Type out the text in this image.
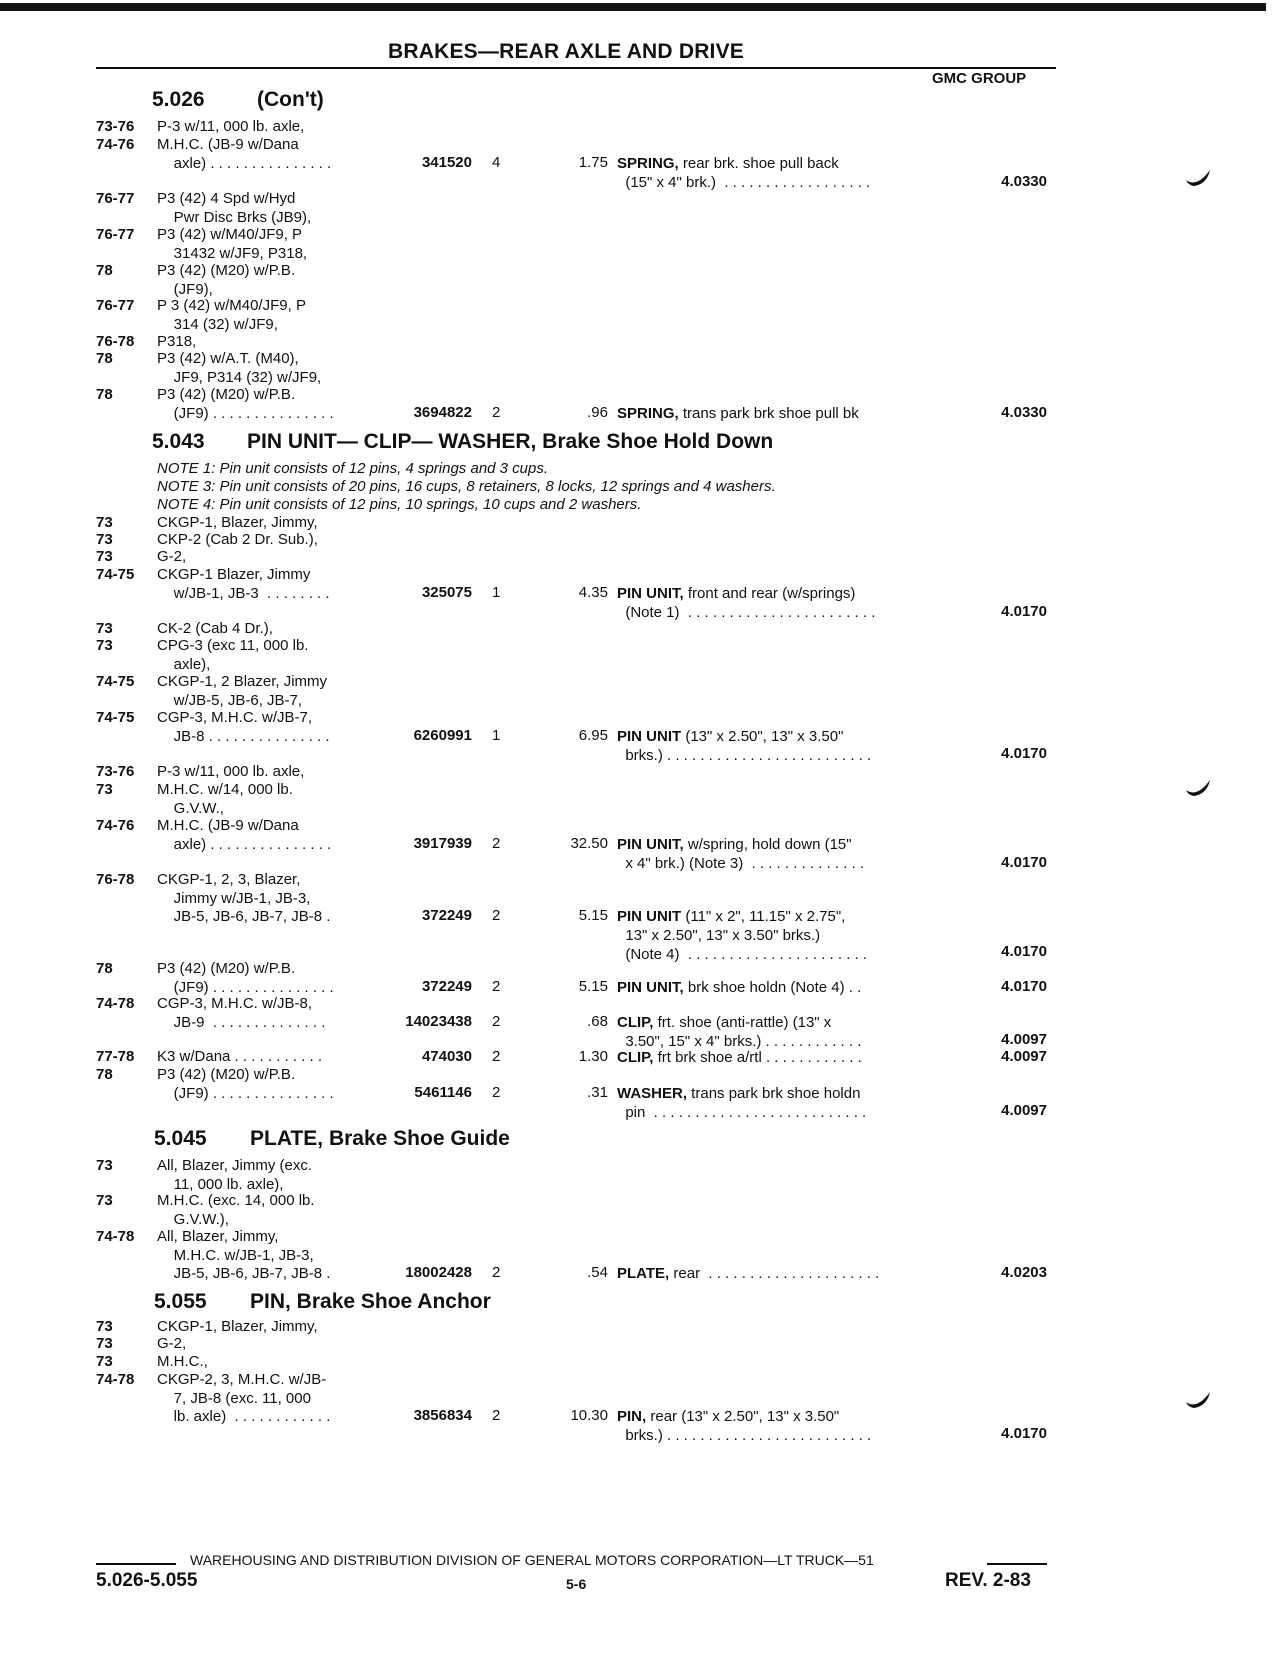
BRAKES—REAR AXLE AND DRIVE
GMC GROUP
5.026 (Con't)
5.043 PIN UNIT— CLIP— WASHER, Brake Shoe Hold Down
5.045 PLATE, Brake Shoe Guide
5.055 PIN, Brake Shoe Anchor
NOTE 1: Pin unit consists of 12 pins, 4 springs and 3 cups.
NOTE 3: Pin unit consists of 20 pins, 16 cups, 8 retainers, 8 locks, 12 springs and 4 washers.
NOTE 4: Pin unit consists of 12 pins, 10 springs, 10 cups and 2 washers.
73-76	P-3 w/11, 000 lb. axle,
74-76	M.H.C. (JB-9 w/Dana
axle) . . . . . . . . . . . . . . .	341520 4	1.75 SPRING, rear brk. shoe pull back
(15" x 4" brk.)  . . . . . . . . . . . . . . . . . .	4.0330
76-77	P3 (42) 4 Spd w/Hyd
Pwr Disc Brks (JB9),
76-77	P3 (42) w/M40/JF9, P
31432 w/JF9, P318,
78	P3 (42) (M20) w/P.B.
(JF9),
76-77	P 3 (42) w/M40/JF9, P
314 (32) w/JF9,
76-78	P318,
78	P3 (42) w/A.T. (M40),
JF9, P314 (32) w/JF9,
78	P3 (42) (M20) w/P.B.
(JF9) . . . . . . . . . . . . . . .	3694822 2	.96 SPRING, trans park brk shoe pull bk	4.0330
73	CKGP-1, Blazer, Jimmy,
73	CKP-2 (Cab 2 Dr. Sub.),
73	G-2,
74-75	CKGP-1 Blazer, Jimmy
w/JB-1, JB-3  . . . . . . . .	325075 1	4.35 PIN UNIT, front and rear (w/springs)
(Note 1)  . . . . . . . . . . . . . . . . . . . . . . .	4.0170
73	CK-2 (Cab 4 Dr.),
73	CPG-3 (exc 11, 000 lb.
axle),
74-75	CKGP-1, 2 Blazer, Jimmy
w/JB-5, JB-6, JB-7,
74-75	CGP-3, M.H.C. w/JB-7,
JB-8 . . . . . . . . . . . . . . .	6260991 1	6.95 PIN UNIT (13" x 2.50", 13" x 3.50"
brks.) . . . . . . . . . . . . . . . . . . . . . . . . .	4.0170
73-76	P-3 w/11, 000 lb. axle,
73	M.H.C. w/14, 000 lb.
G.V.W.,
74-76	M.H.C. (JB-9 w/Dana
axle) . . . . . . . . . . . . . . .	3917939 2	32.50 PIN UNIT, w/spring, hold down (15"
x 4" brk.) (Note 3)  . . . . . . . . . . . . . .	4.0170
76-78	CKGP-1, 2, 3, Blazer,
Jimmy w/JB-1, JB-3,
JB-5, JB-6, JB-7, JB-8 .	372249 2	5.15 PIN UNIT (11" x 2", 11.15" x 2.75",
13" x 2.50", 13" x 3.50" brks.)
(Note 4)  . . . . . . . . . . . . . . . . . . . . . .	4.0170
78	P3 (42) (M20) w/P.B.
(JF9) . . . . . . . . . . . . . . .	372249 2	5.15 PIN UNIT, brk shoe holdn (Note 4) . .	4.0170
74-78	CGP-3, M.H.C. w/JB-8,
JB-9  . . . . . . . . . . . . . .	14023438 2	.68 CLIP, frt. shoe (anti-rattle) (13" x
3.50", 15" x 4" brks.) . . . . . . . . . . . .	4.0097
77-78	K3 w/Dana . . . . . . . . . . .	474030 2	1.30 CLIP, frt brk shoe a/rtl . . . . . . . . . . . .	4.0097
78	P3 (42) (M20) w/P.B.
(JF9) . . . . . . . . . . . . . . .	5461146 2	.31 WASHER, trans park brk shoe holdn
pin  . . . . . . . . . . . . . . . . . . . . . . . . . .	4.0097
73	All, Blazer, Jimmy (exc.
11, 000 lb. axle),
73	M.H.C. (exc. 14, 000 lb.
G.V.W.),
74-78	All, Blazer, Jimmy,
M.H.C. w/JB-1, JB-3,
JB-5, JB-6, JB-7, JB-8 .	18002428 2	.54 PLATE, rear  . . . . . . . . . . . . . . . . . . . . .	4.0203
73	CKGP-1, Blazer, Jimmy,
73	G-2,
73	M.H.C.,
74-78	CKGP-2, 3, M.H.C. w/JB-
7, JB-8 (exc. 11, 000
lb. axle)  . . . . . . . . . . . .	3856834 2	10.30 PIN, rear (13" x 2.50", 13" x 3.50"
brks.) . . . . . . . . . . . . . . . . . . . . . . . . .	4.0170
WAREHOUSING AND DISTRIBUTION DIVISION OF GENERAL MOTORS CORPORATION—LT TRUCK—51
5.026-5.055	5-6	REV. 2-83
